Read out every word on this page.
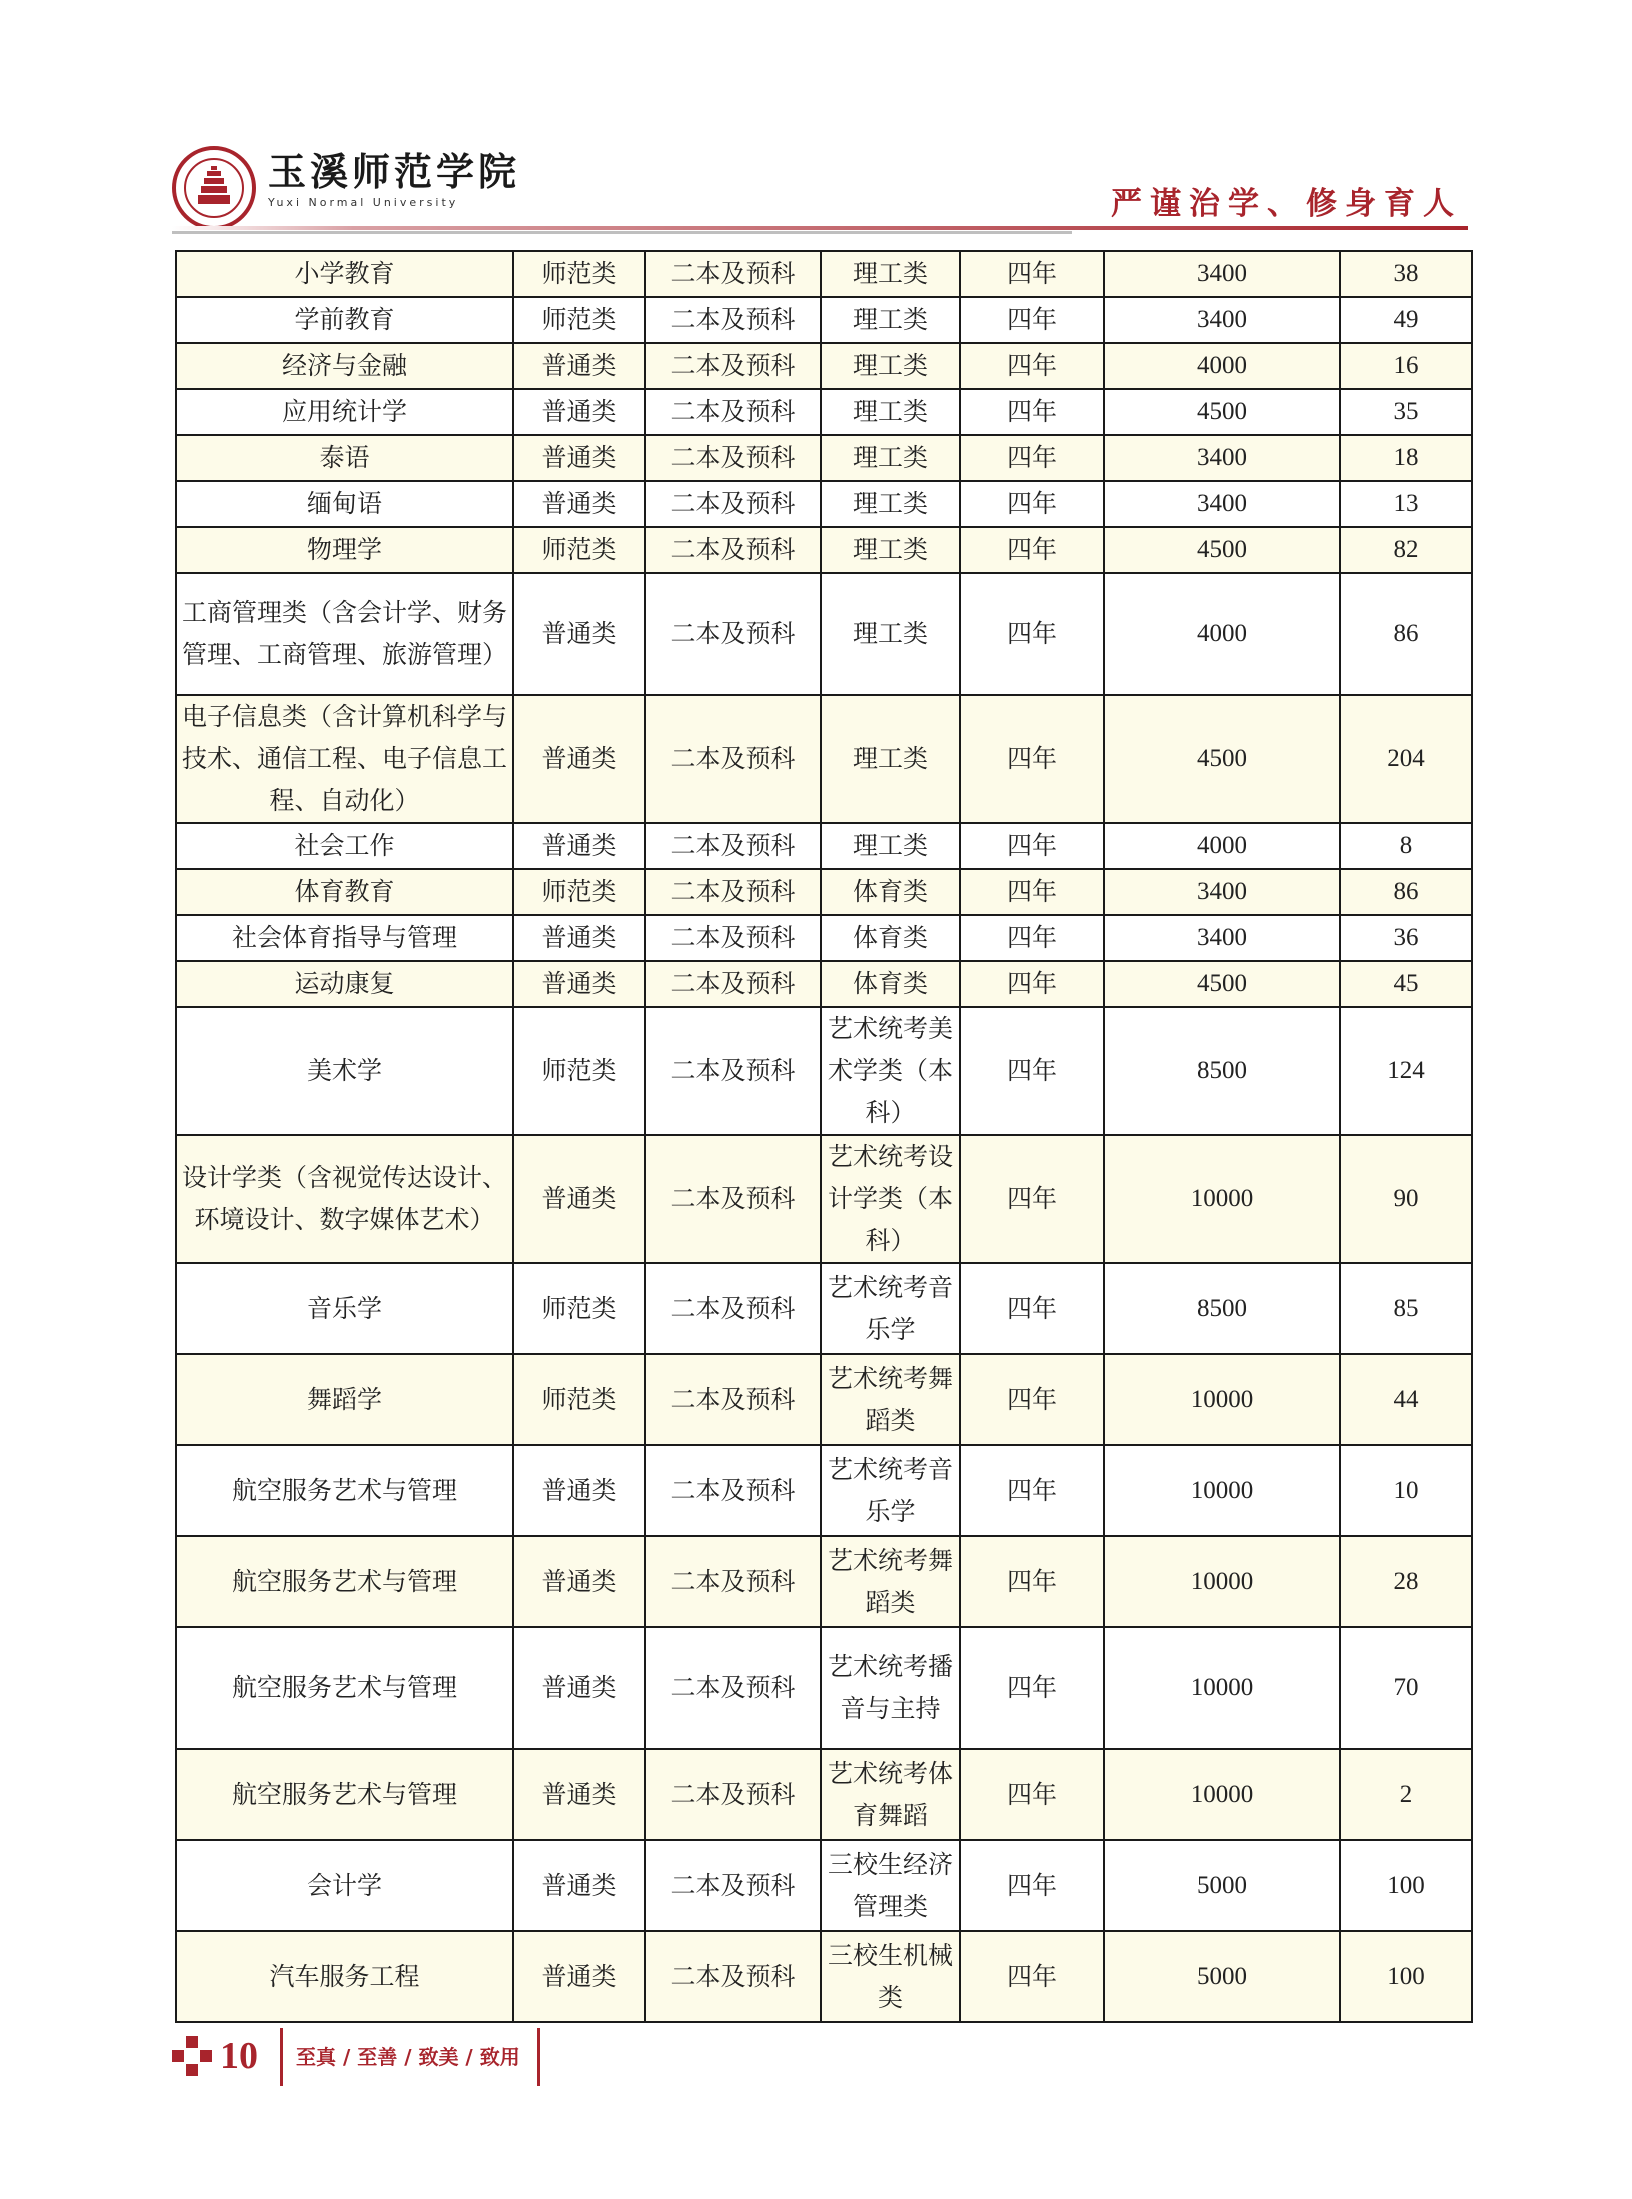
玉溪师范学院
Yuxi Normal University	严谨治学、修身育人
小学教育	师范类	二本及预科	理工类	四年	3400	38
学前教育	师范类	二本及预科	理工类	四年	3400	49
经济与金融	普通类	二本及预科	理工类	四年	4000	16
应用统计学	普通类	二本及预科	理工类	四年	4500	35
泰语	普通类	二本及预科	理工类	四年	3400	18
缅甸语	普通类	二本及预科	理工类	四年	3400	13
物理学	师范类	二本及预科	理工类	四年	4500	82
工商管理类（含会计学、财务管理、工商管理、旅游管理）	普通类	二本及预科	理工类	四年	4000	86
电子信息类（含计算机科学与技术、通信工程、电子信息工程、自动化）	普通类	二本及预科	理工类	四年	4500	204
社会工作	普通类	二本及预科	理工类	四年	4000	8
体育教育	师范类	二本及预科	体育类	四年	3400	86
社会体育指导与管理	普通类	二本及预科	体育类	四年	3400	36
运动康复	普通类	二本及预科	体育类	四年	4500	45
美术学	师范类	二本及预科	艺术统考美术学类（本科）	四年	8500	124
设计学类（含视觉传达设计、环境设计、数字媒体艺术）	普通类	二本及预科	艺术统考设计学类（本科）	四年	10000	90
音乐学	师范类	二本及预科	艺术统考音乐学	四年	8500	85
舞蹈学	师范类	二本及预科	艺术统考舞蹈类	四年	10000	44
航空服务艺术与管理	普通类	二本及预科	艺术统考音乐学	四年	10000	10
航空服务艺术与管理	普通类	二本及预科	艺术统考舞蹈类	四年	10000	28
航空服务艺术与管理	普通类	二本及预科	艺术统考播音与主持	四年	10000	70
航空服务艺术与管理	普通类	二本及预科	艺术统考体育舞蹈	四年	10000	2
会计学	普通类	二本及预科	三校生经济管理类	四年	5000	100
汽车服务工程	普通类	二本及预科	三校生机械类	四年	5000	100
10 至真 / 至善 / 致美 / 致用
